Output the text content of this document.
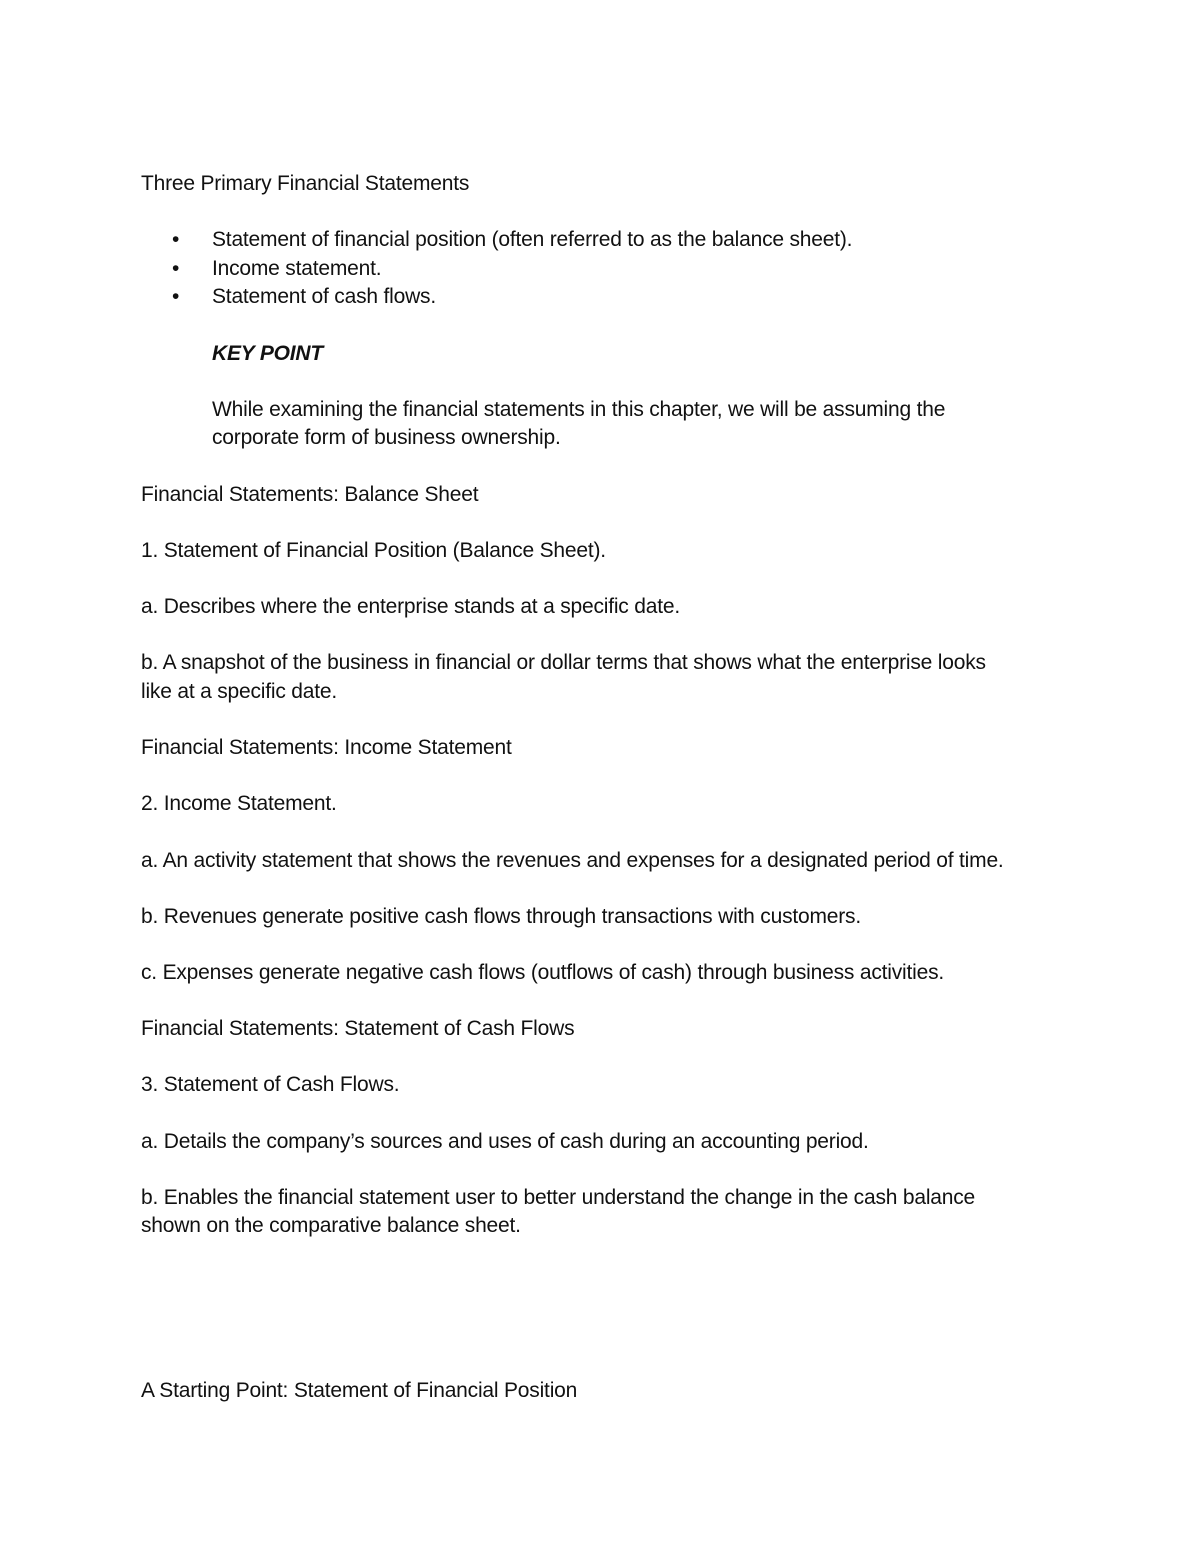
Three Primary Financial Statements
• Statement of financial position (often referred to as the balance sheet).
• Income statement.
• Statement of cash flows.
KEY POINT
While examining the financial statements in this chapter, we will be assuming the
corporate form of business ownership.
Financial Statements: Balance Sheet
1. Statement of Financial Position (Balance Sheet).
a. Describes where the enterprise stands at a specific date.
b. A snapshot of the business in financial or dollar terms that shows what the enterprise looks
like at a specific date.
Financial Statements: Income Statement
2. Income Statement.
a. An activity statement that shows the revenues and expenses for a designated period of time.
b. Revenues generate positive cash flows through transactions with customers.
c. Expenses generate negative cash flows (outflows of cash) through business activities.
Financial Statements: Statement of Cash Flows
3. Statement of Cash Flows.
a. Details the company’s sources and uses of cash during an accounting period.
b. Enables the financial statement user to better understand the change in the cash balance
shown on the comparative balance sheet.
A Starting Point: Statement of Financial Position
